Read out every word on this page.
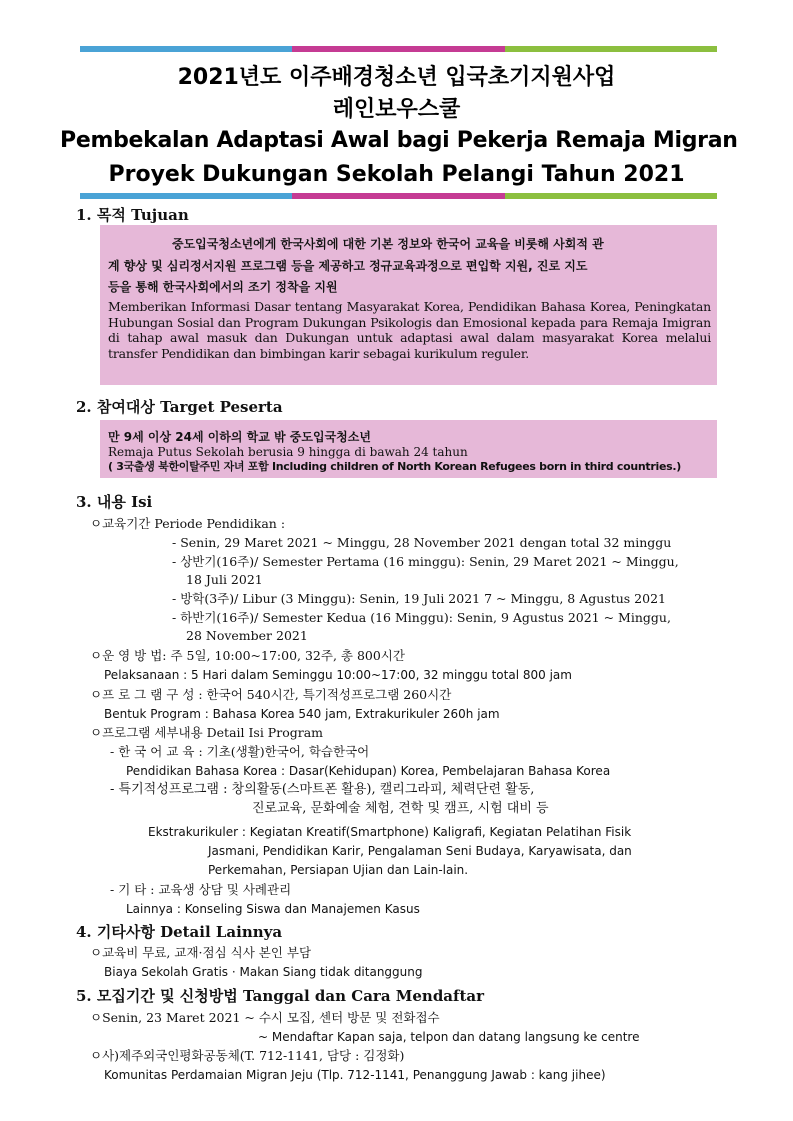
2021년도 이주배경청소년 입국초기지원사업
레인보우스쿨
Pembekalan Adaptasi Awal bagi Pekerja Remaja Migran
Proyek Dukungan Sekolah Pelangi Tahun 2021
1. 목적 Tujuan
중도입국청소년에게 한국사회에 대한 기본 정보와 한국어 교육을 비롯해 사회적 관
계 향상 및 심리정서지원 프로그램 등을 제공하고 정규교육과정으로 편입학 지원, 진로 지도
등을 통해 한국사회에서의 조기 정착을 지원
Memberikan Informasi Dasar tentang Masyarakat Korea, Pendidikan Bahasa Korea, Peningkatan Hubungan Sosial dan Program Dukungan Psikologis dan Emosional kepada para Remaja Imigran di tahap awal masuk dan Dukungan untuk adaptasi awal dalam masyarakat Korea melalui transfer Pendidikan dan bimbingan karir sebagai kurikulum reguler.
2. 참여대상 Target Peserta
만 9세 이상 24세 이하의 학교 밖 중도입국청소년
Remaja Putus Sekolah berusia 9 hingga di bawah 24 tahun
( 3국출생 북한이탈주민 자녀 포함 Including children of North Korean Refugees born in third countries.)
3. 내용 Isi
ㅇ교육기간 Periode Pendidikan :
- Senin, 29 Maret 2021 ~ Minggu, 28 November 2021 dengan total 32 minggu
- 상반기(16주)/ Semester Pertama (16 minggu): Senin, 29 Maret 2021 ~ Minggu,
18 Juli 2021
- 방학(3주)/ Libur (3 Minggu): Senin, 19 Juli 2021 7 ~ Minggu, 8 Agustus 2021
- 하반기(16주)/ Semester Kedua (16 Minggu): Senin, 9 Agustus 2021 ~ Minggu,
28 November 2021
ㅇ운 영 방 법: 주 5일, 10:00~17:00, 32주, 총 800시간
Pelaksanaan : 5 Hari dalam Seminggu 10:00~17:00, 32 minggu total 800 jam
ㅇ프 로 그 램 구 성 : 한국어 540시간, 특기적성프로그램 260시간
Bentuk Program : Bahasa Korea 540 jam, Extrakurikuler 260h jam
ㅇ프로그램 세부내용 Detail Isi Program
- 한 국 어 교 육 : 기초(생활)한국어, 학습한국어
Pendidikan Bahasa Korea : Dasar(Kehidupan) Korea, Pembelajaran Bahasa Korea
- 특기적성프로그램 : 창의활동(스마트폰 활용), 캘리그라피, 체력단련 활동,
진로교육, 문화예술 체험, 견학 및 캠프, 시험 대비 등
Ekstrakurikuler : Kegiatan Kreatif(Smartphone) Kaligrafi, Kegiatan Pelatihan Fisik
Jasmani, Pendidikan Karir, Pengalaman Seni Budaya, Karyawisata, dan
Perkemahan, Persiapan Ujian dan Lain-lain.
- 기 타 : 교육생 상담 및 사례관리
Lainnya : Konseling Siswa dan Manajemen Kasus
4. 기타사항 Detail Lainnya
ㅇ교육비 무료, 교재·점심 식사 본인 부담
Biaya Sekolah Gratis · Makan Siang tidak ditanggung
5. 모집기간 및 신청방법 Tanggal dan Cara Mendaftar
ㅇSenin, 23 Maret 2021 ~ 수시 모집, 센터 방문 및 전화접수
~ Mendaftar Kapan saja, telpon dan datang langsung ke centre
ㅇ사)제주외국인평화공동체(T. 712-1141, 담당 : 김정화)
Komunitas Perdamaian Migran Jeju (Tlp. 712-1141, Penanggung Jawab : kang jihee)
